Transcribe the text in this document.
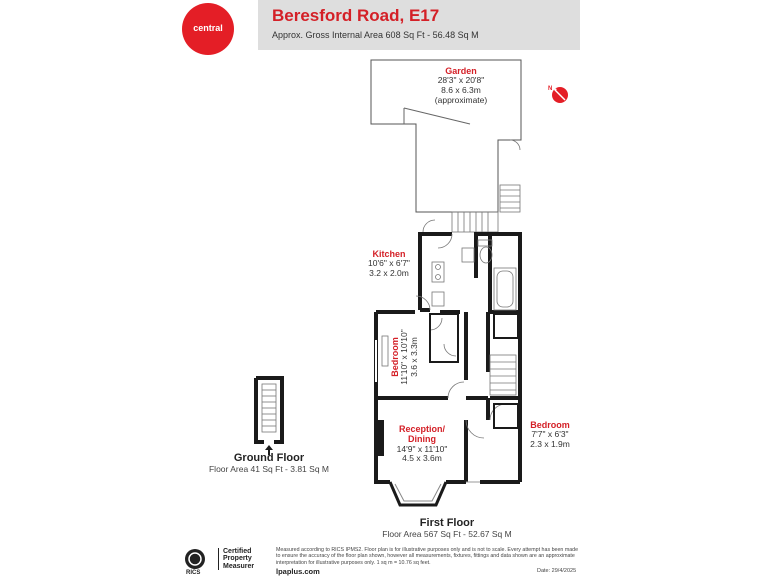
central
Beresford Road, E17
Approx. Gross Internal Area 608 Sq Ft - 56.48 Sq M
N
Garden
28'3" x 20'8"
8.6 x 6.3m
(approximate)
Kitchen
10'6" x 6'7"
3.2 x 2.0m
Bedroom 11'10" x 10'10" 3.6 x 3.3m
Reception/
Dining
14'9" x 11'10"
4.5 x 3.6m
Bedroom
7'7" x 6'3"
2.3 x 1.9m
Ground Floor
Floor Area 41 Sq Ft - 3.81 Sq M
First Floor
Floor Area 567 Sq Ft - 52.67 Sq M
RICS
Certified
Property
Measurer
Measured according to RICS IPMS2. Floor plan is for illustrative purposes only and is not to scale. Every attempt has been made to ensure the accuracy of the floor plan shown, however all measurements, fixtures, fittings and data shown are an approximate interpretation for illustrative purposes only. 1 sq m = 10.76 sq feet.
lpaplus.com	Date: 29/4/2025
